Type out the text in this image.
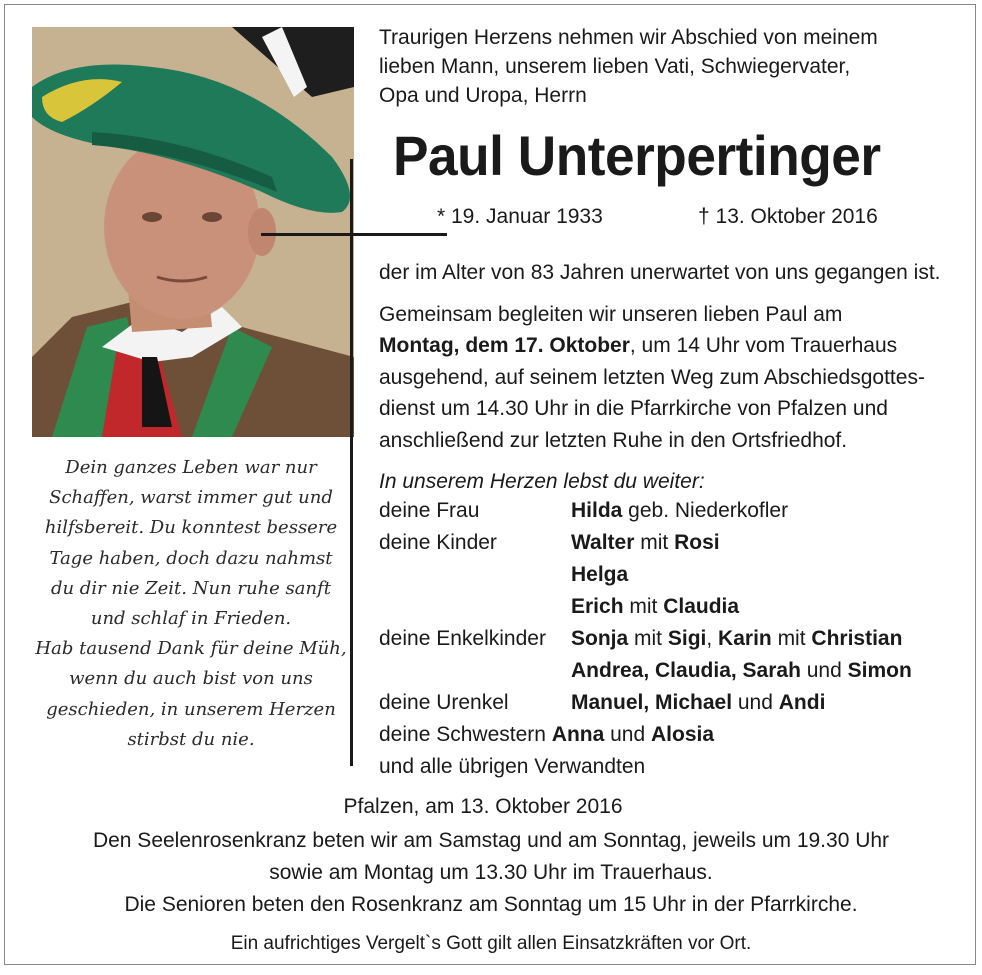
Dein ganzes Leben war nur
Schaffen, warst immer gut und
hilfsbereit. Du konntest bessere
Tage haben, doch dazu nahmst
du dir nie Zeit. Nun ruhe sanft
und schlaf in Frieden.
Hab tausend Dank für deine Müh,
wenn du auch bist von uns
geschieden, in unserem Herzen
stirbst du nie.
Traurigen Herzens nehmen wir Abschied von meinem
lieben Mann, unserem lieben Vati, Schwiegervater,
Opa und Uropa, Herrn
Paul Unterpertinger
* 19. Januar 1933	† 13. Oktober 2016
der im Alter von 83 Jahren unerwartet von uns gegangen ist.
Gemeinsam begleiten wir unseren lieben Paul am
Montag, dem 17. Oktober, um 14 Uhr vom Trauerhaus
ausgehend, auf seinem letzten Weg zum Abschiedsgottes-
dienst um 14.30 Uhr in die Pfarrkirche von Pfalzen und
anschließend zur letzten Ruhe in den Ortsfriedhof.
In unserem Herzen lebst du weiter:
deine Frau	Hilda geb. Niederkofler
deine Kinder	Walter mit Rosi
Helga
Erich mit Claudia
deine Enkelkinder Sonja mit Sigi, Karin mit Christian
Andrea, Claudia, Sarah und Simon
deine Urenkel	Manuel, Michael und Andi
deine Schwestern Anna und Alosia
und alle übrigen Verwandten
Pfalzen, am 13. Oktober 2016
Den Seelenrosenkranz beten wir am Samstag und am Sonntag, jeweils um 19.30 Uhr
sowie am Montag um 13.30 Uhr im Trauerhaus.
Die Senioren beten den Rosenkranz am Sonntag um 15 Uhr in der Pfarrkirche.
Ein aufrichtiges Vergelt`s Gott gilt allen Einsatzkräften vor Ort.
